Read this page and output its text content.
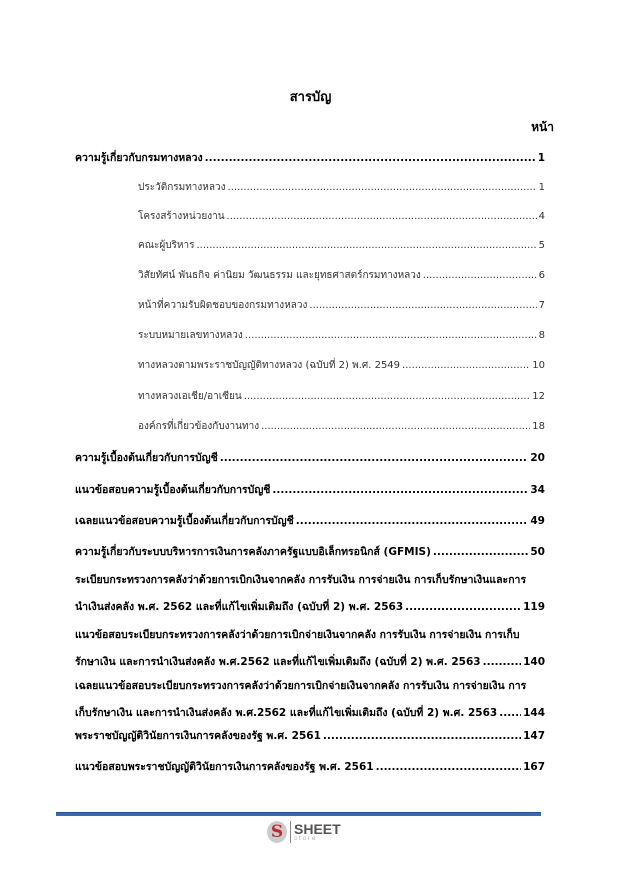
สารบัญ
หน้า
ความรู้เกี่ยวกับกรมทางหลวง .....	1
ประวัติกรมทางหลวง .....	1
โครงสร้างหน่วยงาน .....	4
คณะผู้บริหาร .....	5
วิสัยทัศน์ พันธกิจ ค่านิยม วัฒนธรรม และยุทธศาสตร์กรมทางหลวง .....	6
หน้าที่ความรับผิดชอบของกรมทางหลวง .....	7
ระบบหมายเลขทางหลวง .....	8
ทางหลวงตามพระราชบัญญัติทางหลวง (ฉบับที่ 2) พ.ศ. 2549 .....	10
ทางหลวงเอเชีย/อาเซียน .....	12
องค์กรที่เกี่ยวข้องกับงานทาง .....	18
ความรู้เบื้องต้นเกี่ยวกับการบัญชี .....	20
แนวข้อสอบความรู้เบื้องต้นเกี่ยวกับการบัญชี .....	34
เฉลยแนวข้อสอบความรู้เบื้องต้นเกี่ยวกับการบัญชี .....	49
ความรู้เกี่ยวกับระบบบริหารการเงินการคลังภาครัฐแบบอิเล็กทรอนิกส์ (GFMIS) .....	50
ระเบียบกระทรวงการคลังว่าด้วยการเบิกเงินจากคลัง การรับเงิน การจ่ายเงิน การเก็บรักษาเงินและการ
นำเงินส่งคลัง พ.ศ. 2562 และที่แก้ไขเพิ่มเติมถึง (ฉบับที่ 2) พ.ศ. 2563 .....	119
แนวข้อสอบระเบียบกระทรวงการคลังว่าด้วยการเบิกจ่ายเงินจากคลัง การรับเงิน การจ่ายเงิน การเก็บ
รักษาเงิน และการนำเงินส่งคลัง พ.ศ.2562 และที่แก้ไขเพิ่มเติมถึง (ฉบับที่ 2) พ.ศ. 2563 .....	140
เฉลยแนวข้อสอบระเบียบกระทรวงการคลังว่าด้วยการเบิกจ่ายเงินจากคลัง การรับเงิน การจ่ายเงิน การ
เก็บรักษาเงิน และการนำเงินส่งคลัง พ.ศ.2562 และที่แก้ไขเพิ่มเติมถึง (ฉบับที่ 2) พ.ศ. 2563 ..... 144
พระราชบัญญัติวินัยการเงินการคลังของรัฐ พ.ศ. 2561 .....	147
แนวข้อสอบพระราชบัญญัติวินัยการเงินการคลังของรัฐ พ.ศ. 2561 .....	167
S SHEET
store
